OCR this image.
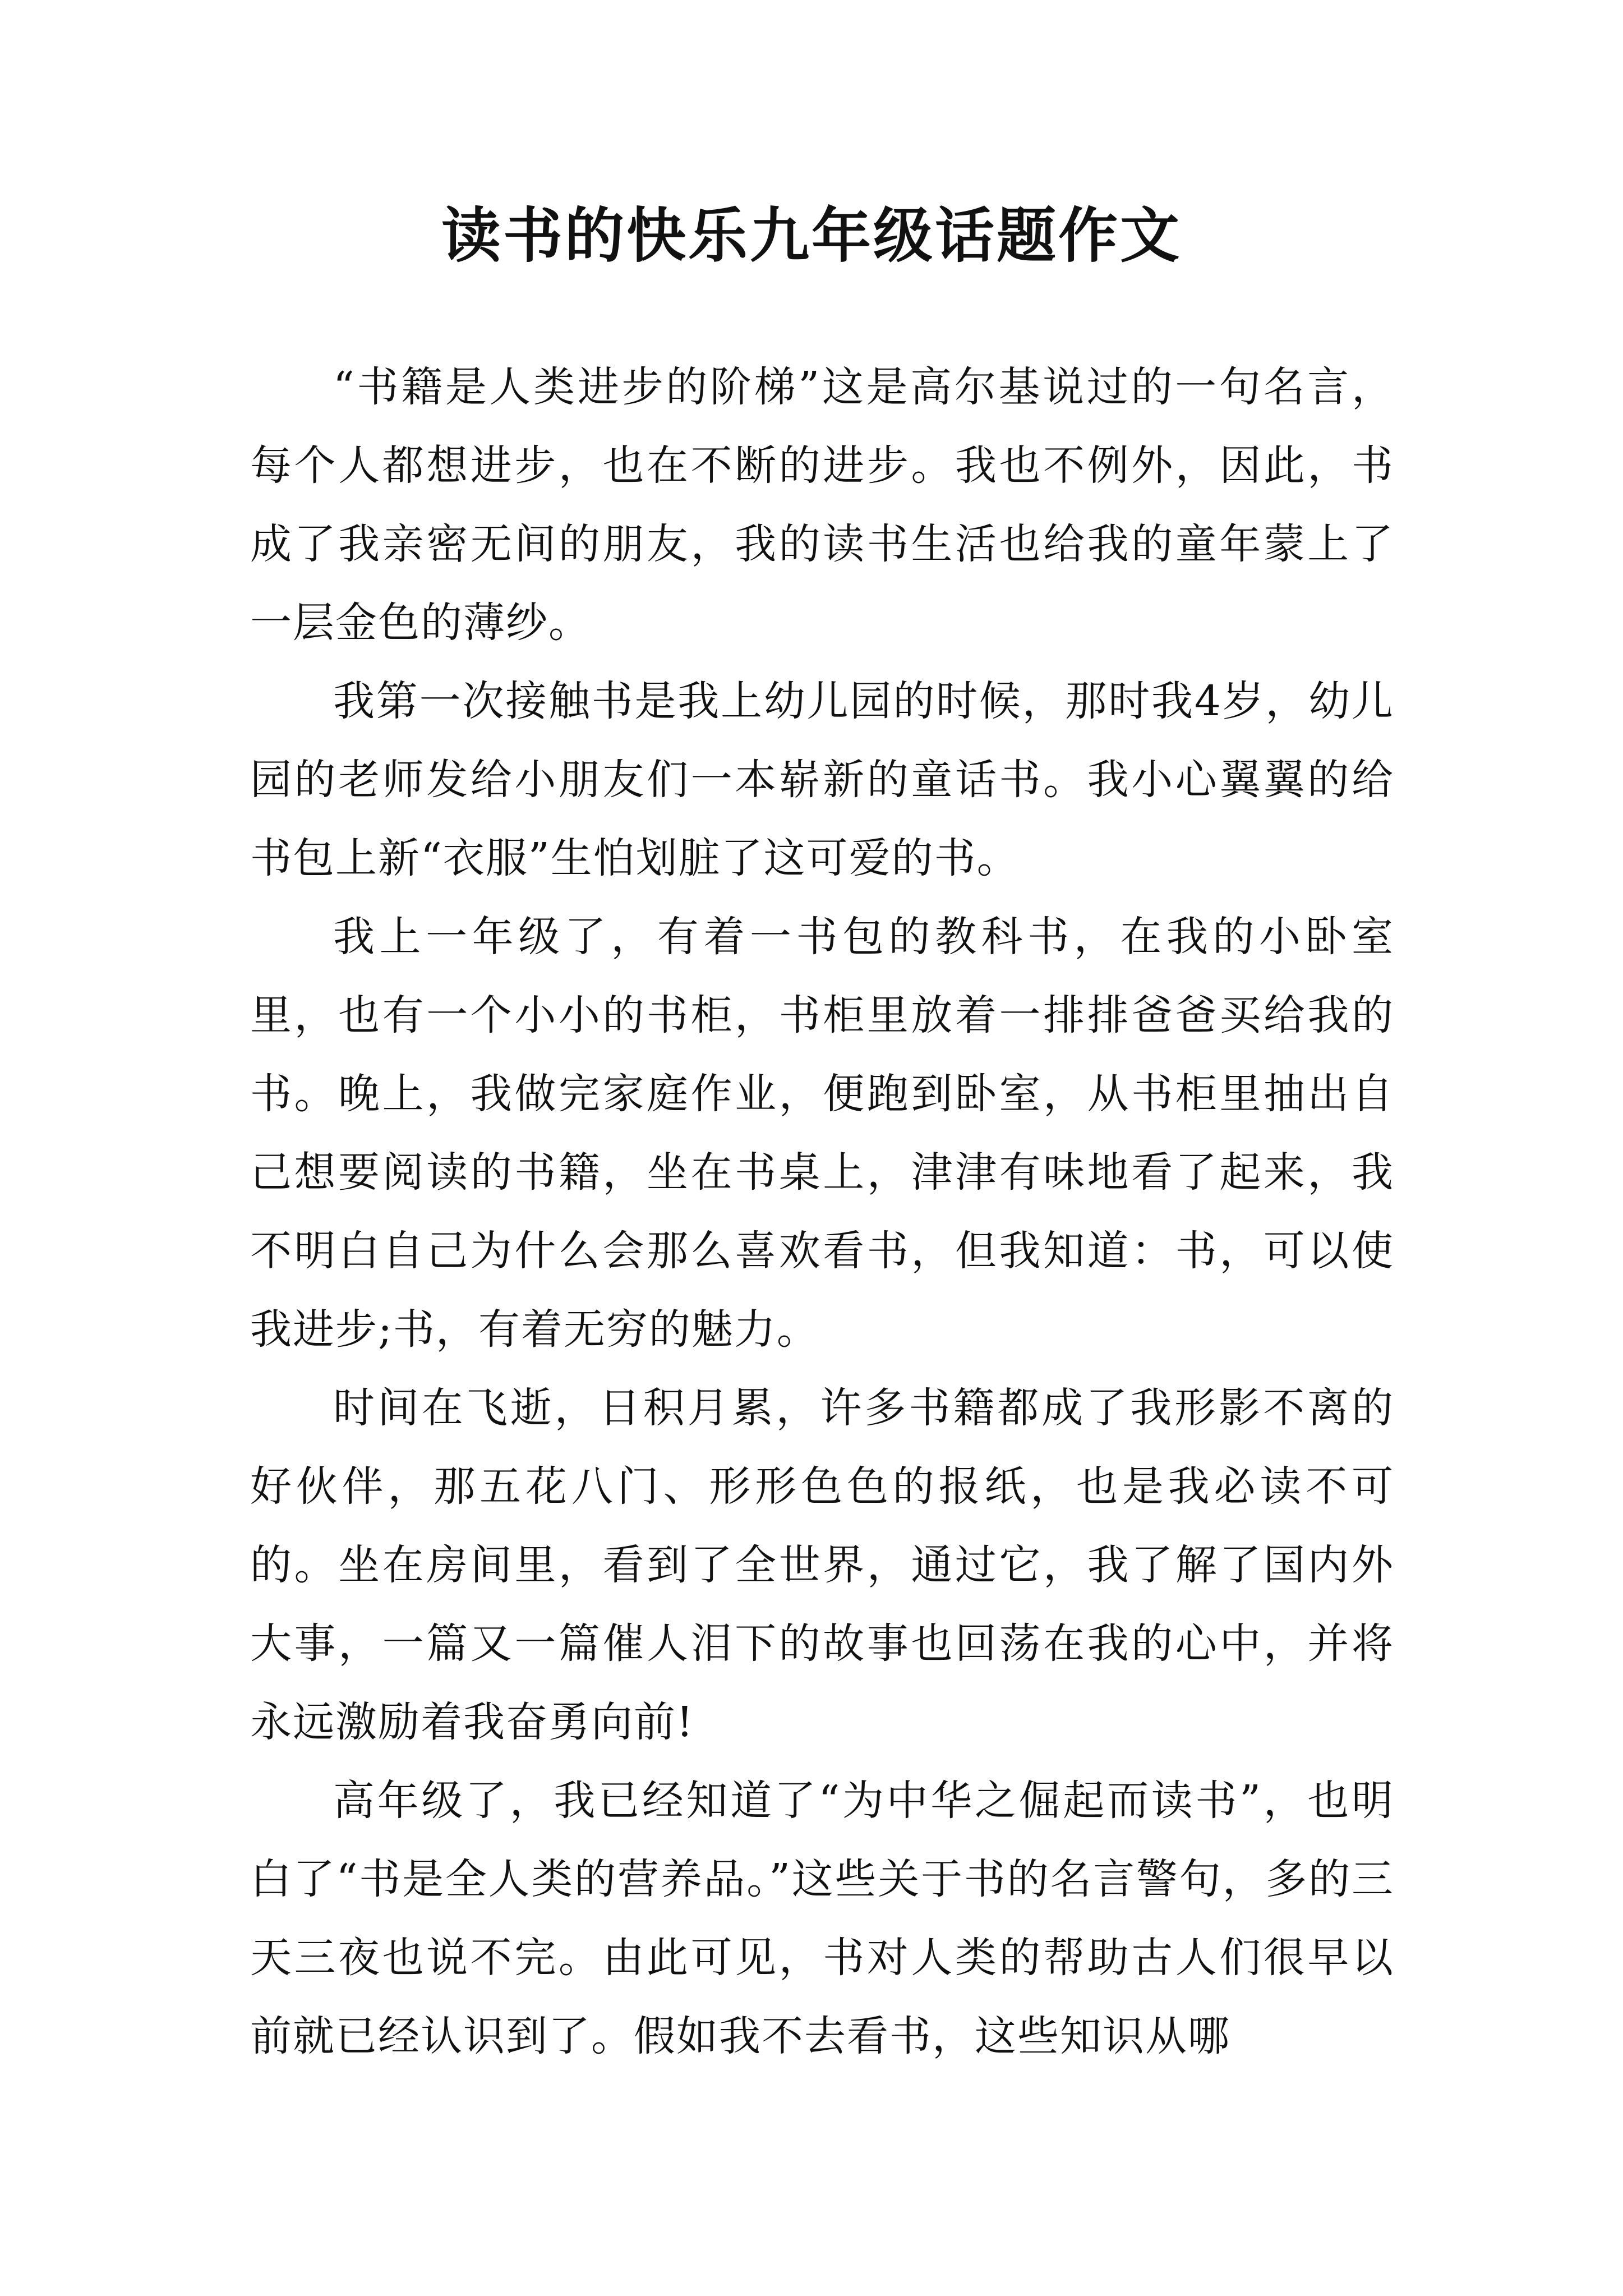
读书的快乐九年级话题作文

“书籍是人类进步的阶梯”这是高尔基说过的一句名言，每个人都想进步，也在不断的进步。我也不例外，因此，书成了我亲密无间的朋友，我的读书生活也给我的童年蒙上了一层金色的薄纱。

我第一次接触书是我上幼儿园的时候，那时我4岁，幼儿园的老师发给小朋友们一本崭新的童话书。我小心翼翼的给书包上新“衣服”生怕划脏了这可爱的书。

我上一年级了，有着一书包的教科书，在我的小卧室里，也有一个小小的书柜，书柜里放着一排排爸爸买给我的书。晚上，我做完家庭作业，便跑到卧室，从书柜里抽出自己想要阅读的书籍，坐在书桌上，津津有味地看了起来，我不明白自己为什么会那么喜欢看书，但我知道：书，可以使我进步;书，有着无穷的魅力。

时间在飞逝，日积月累，许多书籍都成了我形影不离的好伙伴，那五花八门、形形色色的报纸，也是我必读不可的。坐在房间里，看到了全世界，通过它，我了解了国内外大事，一篇又一篇催人泪下的故事也回荡在我的心中，并将永远激励着我奋勇向前!

高年级了，我已经知道了“为中华之倔起而读书”，也明白了“书是全人类的营养品。”这些关于书的名言警句，多的三天三夜也说不完。由此可见，书对人类的帮助古人们很早以前就已经认识到了。假如我不去看书，这些知识从哪
